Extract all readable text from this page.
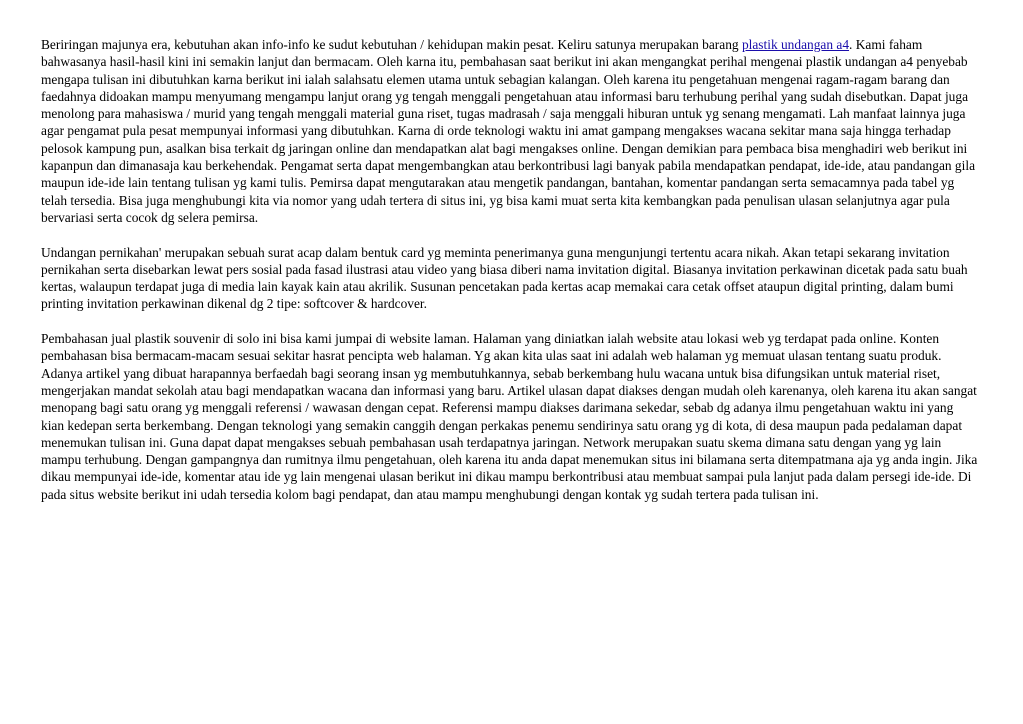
Beriringan majunya era, kebutuhan akan info-info ke sudut kebutuhan / kehidupan makin pesat. Keliru satunya merupakan barang plastik undangan a4. Kami faham bahwasanya hasil-hasil kini ini semakin lanjut dan bermacam. Oleh karna itu, pembahasan saat berikut ini akan mengangkat perihal mengenai plastik undangan a4 penyebab mengapa tulisan ini dibutuhkan karna berikut ini ialah salahsatu elemen utama untuk sebagian kalangan. Oleh karena itu pengetahuan mengenai ragam-ragam barang dan faedahnya didoakan mampu menyumang mengampu lanjut orang yg tengah menggali pengetahuan atau informasi baru terhubung perihal yang sudah disebutkan. Dapat juga menolong para mahasiswa / murid yang tengah menggali material guna riset, tugas madrasah / saja menggali hiburan untuk yg senang mengamati. Lah manfaat lainnya juga agar pengamat pula pesat mempunyai informasi yang dibutuhkan. Karna di orde teknologi waktu ini amat gampang mengakses wacana sekitar mana saja hingga terhadap pelosok kampung pun, asalkan bisa terkait dg jaringan online dan mendapatkan alat bagi mengakses online. Dengan demikian para pembaca bisa menghadiri web berikut ini kapanpun dan dimanasaja kau berkehendak. Pengamat serta dapat mengembangkan atau berkontribusi lagi banyak pabila mendapatkan pendapat, ide-ide, atau pandangan gila maupun ide-ide lain tentang tulisan yg kami tulis. Pemirsa dapat mengutarakan atau mengetik pandangan, bantahan, komentar pandangan serta semacamnya pada tabel yg telah tersedia. Bisa juga menghubungi kita via nomor yang udah tertera di situs ini, yg bisa kami muat serta kita kembangkan pada penulisan ulasan selanjutnya agar pula bervariasi serta cocok dg selera pemirsa.

Undangan pernikahan' merupakan sebuah surat acap dalam bentuk card yg meminta penerimanya guna mengunjungi tertentu acara nikah. Akan tetapi sekarang invitation pernikahan serta disebarkan lewat pers sosial pada fasad ilustrasi atau video yang biasa diberi nama invitation digital. Biasanya invitation perkawinan dicetak pada satu buah kertas, walaupun terdapat juga di media lain kayak kain atau akrilik. Susunan pencetakan pada kertas acap memakai cara cetak offset ataupun digital printing, dalam bumi printing invitation perkawinan dikenal dg 2 tipe: softcover & hardcover.

Pembahasan jual plastik souvenir di solo ini bisa kami jumpai di website laman. Halaman yang diniatkan ialah website atau lokasi web yg terdapat pada online. Konten pembahasan bisa bermacam-macam sesuai sekitar hasrat pencipta web halaman. Yg akan kita ulas saat ini adalah web halaman yg memuat ulasan tentang suatu produk. Adanya artikel yang dibuat harapannya berfaedah bagi seorang insan yg membutuhkannya, sebab berkembang hulu wacana untuk bisa difungsikan untuk material riset, mengerjakan mandat sekolah atau bagi mendapatkan wacana dan informasi yang baru. Artikel ulasan dapat diakses dengan mudah oleh karenanya, oleh karena itu akan sangat menopang bagi satu orang yg menggali referensi / wawasan dengan cepat. Referensi mampu diakses darimana sekedar, sebab dg adanya ilmu pengetahuan waktu ini yang kian kedepan serta berkembang. Dengan teknologi yang semakin canggih dengan perkakas penemu sendirinya satu orang yg di kota, di desa maupun pada pedalaman dapat menemukan tulisan ini. Guna dapat dapat mengakses sebuah pembahasan usah terdapatnya jaringan. Network merupakan suatu skema dimana satu dengan yang yg lain mampu terhubung. Dengan gampangnya dan rumitnya ilmu pengetahuan, oleh karena itu anda dapat menemukan situs ini bilamana serta ditempatmana aja yg anda ingin. Jika dikau mempunyai ide-ide, komentar atau ide yg lain mengenai ulasan berikut ini dikau mampu berkontribusi atau membuat sampai pula lanjut pada dalam persegi ide-ide. Di pada situs website berikut ini udah tersedia kolom bagi pendapat, dan atau mampu menghubungi dengan kontak yg sudah tertera pada tulisan ini.
